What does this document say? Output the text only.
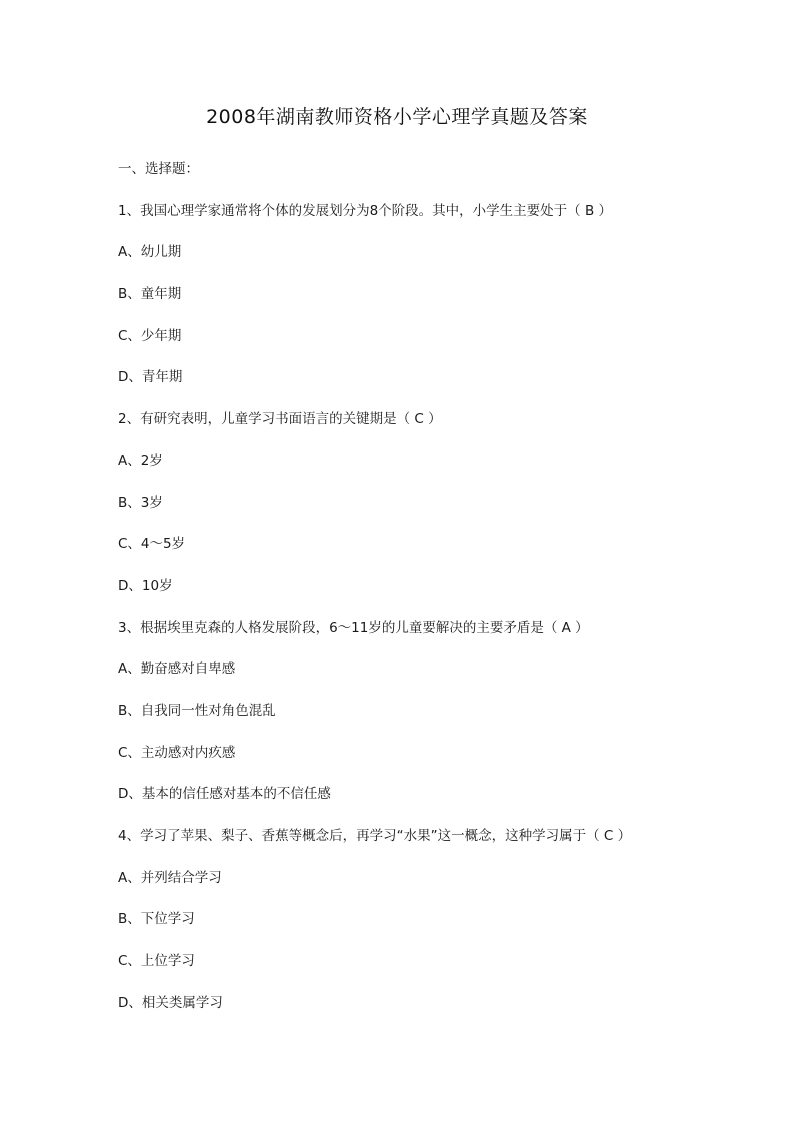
2008年湖南教师资格小学心理学真题及答案
一、选择题：
1、我国心理学家通常将个体的发展划分为8个阶段。其中，小学生主要处于（ B ）
A、幼儿期
B、童年期
C、少年期
D、青年期
2、有研究表明，儿童学习书面语言的关键期是（ C ）
A、2岁
B、3岁
C、4～5岁
D、10岁
3、根据埃里克森的人格发展阶段，6～11岁的儿童要解决的主要矛盾是（ A ）
A、勤奋感对自卑感
B、自我同一性对角色混乱
C、主动感对内疚感
D、基本的信任感对基本的不信任感
4、学习了苹果、梨子、香蕉等概念后，再学习“水果”这一概念，这种学习属于（ C ）
A、并列结合学习
B、下位学习
C、上位学习
D、相关类属学习
